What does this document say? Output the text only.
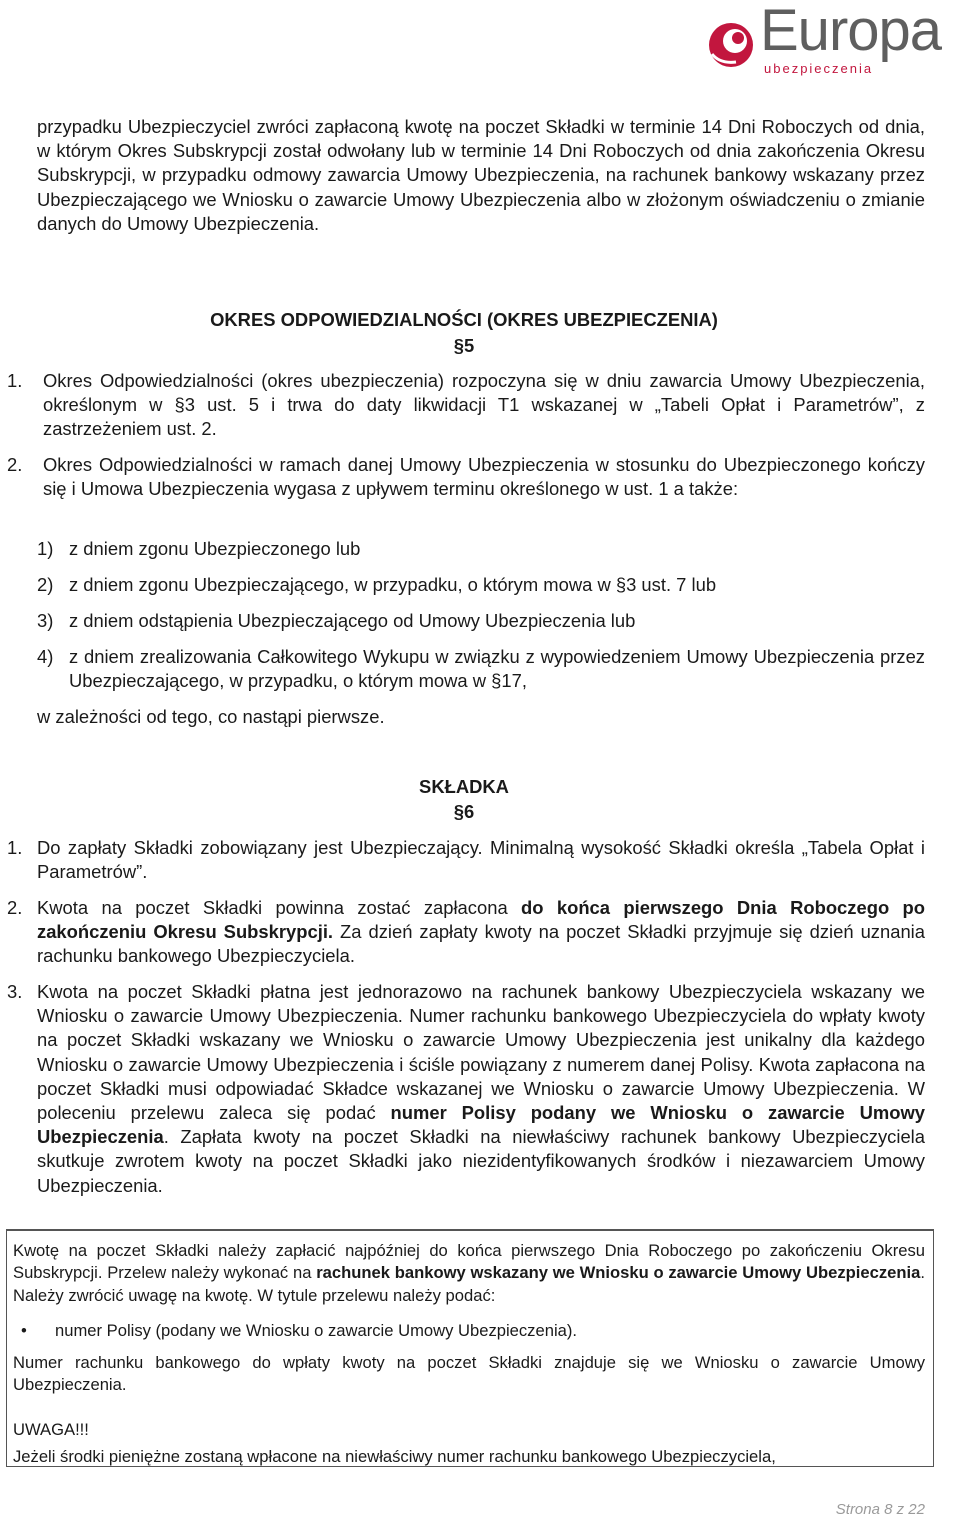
Europa
ubezpieczenia

przypadku Ubezpieczyciel zwróci zapłaconą kwotę na poczet Składki w terminie 14 Dni Roboczych od dnia, w którym Okres Subskrypcji został odwołany lub w terminie 14 Dni Roboczych od dnia zakończenia Okresu Subskrypcji, w przypadku odmowy zawarcia Umowy Ubezpieczenia, na rachunek bankowy wskazany przez Ubezpieczającego we Wniosku o zawarcie Umowy Ubezpieczenia albo w złożonym oświadczeniu o zmianie danych do Umowy Ubezpieczenia.

OKRES ODPOWIEDZIALNOŚCI (OKRES UBEZPIECZENIA)

§5

1. Okres Odpowiedzialności (okres ubezpieczenia) rozpoczyna się w dniu zawarcia Umowy Ubezpieczenia, określonym w §3 ust. 5 i trwa do daty likwidacji T1 wskazanej w „Tabeli Opłat i Parametrów”, z zastrzeżeniem ust. 2.

2. Okres Odpowiedzialności w ramach danej Umowy Ubezpieczenia w stosunku do Ubezpieczonego kończy się i Umowa Ubezpieczenia wygasa z upływem terminu określonego w ust. 1 a także:

1) z dniem zgonu Ubezpieczonego lub

2) z dniem zgonu Ubezpieczającego, w przypadku, o którym mowa w §3 ust. 7 lub

3) z dniem odstąpienia Ubezpieczającego od Umowy Ubezpieczenia lub

4) z dniem zrealizowania Całkowitego Wykupu w związku z wypowiedzeniem Umowy Ubezpieczenia przez Ubezpieczającego, w przypadku, o którym mowa w §17,

w zależności od tego, co nastąpi pierwsze.

SKŁADKA

§6

1. Do zapłaty Składki zobowiązany jest Ubezpieczający. Minimalną wysokość Składki określa „Tabela Opłat i Parametrów”.

2. Kwota na poczet Składki powinna zostać zapłacona do końca pierwszego Dnia Roboczego po zakończeniu Okresu Subskrypcji. Za dzień zapłaty kwoty na poczet Składki przyjmuje się dzień uznania rachunku bankowego Ubezpieczyciela.

3. Kwota na poczet Składki płatna jest jednorazowo na rachunek bankowy Ubezpieczyciela wskazany we Wniosku o zawarcie Umowy Ubezpieczenia. Numer rachunku bankowego Ubezpieczyciela do wpłaty kwoty na poczet Składki wskazany we Wniosku o zawarcie Umowy Ubezpieczenia jest unikalny dla każdego Wniosku o zawarcie Umowy Ubezpieczenia i ściśle powiązany z numerem danej Polisy. Kwota zapłacona na poczet Składki musi odpowiadać Składce wskazanej we Wniosku o zawarcie Umowy Ubezpieczenia. W poleceniu przelewu zaleca się podać numer Polisy podany we Wniosku o zawarcie Umowy Ubezpieczenia. Zapłata kwoty na poczet Składki na niewłaściwy rachunek bankowy Ubezpieczyciela skutkuje zwrotem kwoty na poczet Składki jako niezidentyfikowanych środków i niezawarciem Umowy Ubezpieczenia.

Kwotę na poczet Składki należy zapłacić najpóźniej do końca pierwszego Dnia Roboczego po zakończeniu Okresu Subskrypcji. Przelew należy wykonać na rachunek bankowy wskazany we Wniosku o zawarcie Umowy Ubezpieczenia. Należy zwrócić uwagę na kwotę. W tytule przelewu należy podać:

• numer Polisy (podany we Wniosku o zawarcie Umowy Ubezpieczenia).

Numer rachunku bankowego do wpłaty kwoty na poczet Składki znajduje się we Wniosku o zawarcie Umowy Ubezpieczenia.

UWAGA!!!

Jeżeli środki pieniężne zostaną wpłacone na niewłaściwy numer rachunku bankowego Ubezpieczyciela,

Strona 8 z 22
